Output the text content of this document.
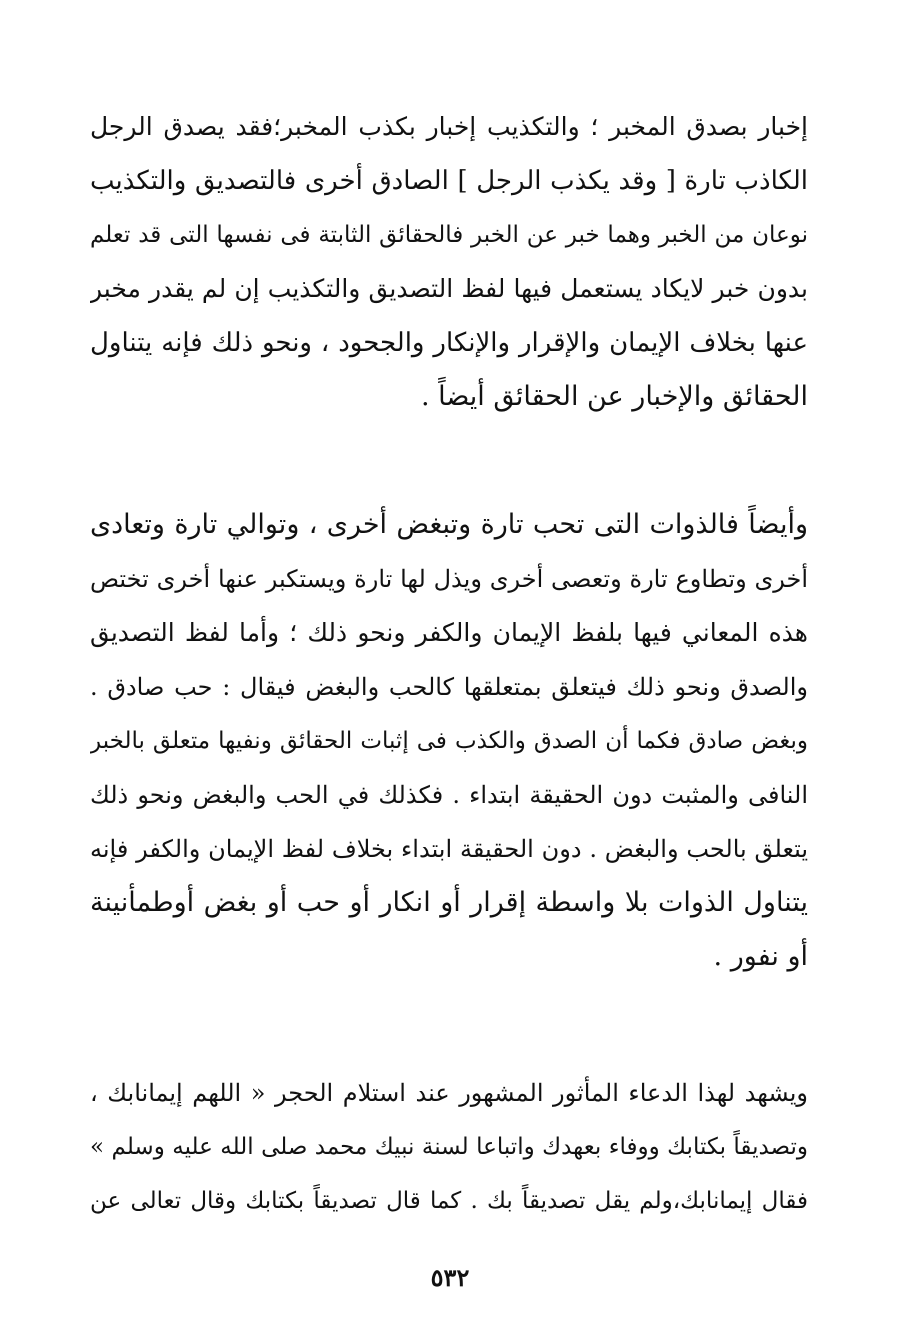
إخبار بصدق المخبر ؛ والتكذيب إخبار بكذب المخبر؛فقد يصدق الرجل
الكاذب تارة [ وقد يكذب الرجل ] الصادق أخرى فالتصديق والتكذيب
نوعان من الخبر وهما خبر عن الخبر فالحقائق الثابتة فى نفسها التى قد تعلم
بدون خبر لايكاد يستعمل فيها لفظ التصديق والتكذيب إن لم يقدر مخبر
عنها بخلاف الإيمان والإقرار والإنكار والجحود ، ونحو ذلك فإنه يتناول
الحقائق والإخبار عن الحقائق أيضاً .
وأيضاً فالذوات التى تحب تارة وتبغض أخرى ، وتوالي تارة وتعادى
أخرى وتطاوع تارة وتعصى أخرى ويذل لها تارة ويستكبر عنها أخرى تختص
هذه المعاني فيها بلفظ الإيمان والكفر ونحو ذلك ؛ وأما لفظ التصديق
والصدق ونحو ذلك فيتعلق بمتعلقها كالحب والبغض فيقال : حب صادق .
وبغض صادق فكما أن الصدق والكذب فى إثبات الحقائق ونفيها متعلق بالخبر
النافى والمثبت دون الحقيقة ابتداء . فكذلك في الحب والبغض ونحو ذلك
يتعلق بالحب والبغض . دون الحقيقة ابتداء بخلاف لفظ الإيمان والكفر فإنه
يتناول الذوات بلا واسطة إقرار أو انكار أو حب أو بغض أوطمأنينة
أو نفور .
ويشهد لهذا الدعاء المأثور المشهور عند استلام الحجر « اللهم إيمانابك ،
وتصديقاً بكتابك ووفاء بعهدك واتباعا لسنة نبيك محمد صلى الله عليه وسلم »
فقال إيمانابك،ولم يقل تصديقاً بك . كما قال تصديقاً بكتابك وقال تعالى عن
٥٣٢
